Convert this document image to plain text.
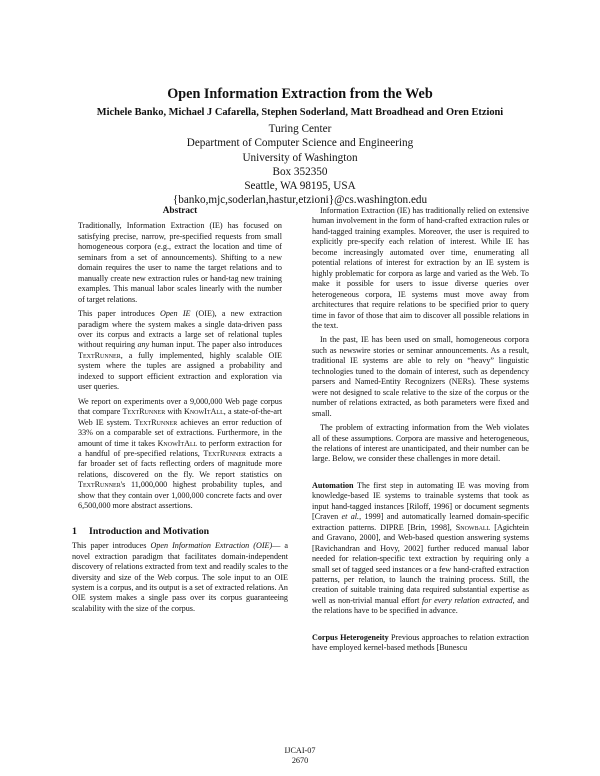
Open Information Extraction from the Web
Michele Banko, Michael J Cafarella, Stephen Soderland, Matt Broadhead and Oren Etzioni
Turing Center
Department of Computer Science and Engineering
University of Washington
Box 352350
Seattle, WA 98195, USA
{banko,mjc,soderlan,hastur,etzioni}@cs.washington.edu
Abstract

Traditionally, Information Extraction (IE) has focused on satisfying precise, narrow, pre-specified requests from small homogeneous corpora (e.g., extract the location and time of seminars from a set of announcements). Shifting to a new domain requires the user to name the target relations and to manually create new extraction rules or hand-tag new training examples. This manual labor scales linearly with the number of target relations.

This paper introduces Open IE (OIE), a new extraction paradigm where the system makes a single data-driven pass over its corpus and extracts a large set of relational tuples without requiring any human input. The paper also introduces TextRunner, a fully implemented, highly scalable OIE system where the tuples are assigned a probability and indexed to support efficient extraction and exploration via user queries.

We report on experiments over a 9,000,000 Web page corpus that compare TextRunner with KnowItAll, a state-of-the-art Web IE system. TextRunner achieves an error reduction of 33% on a comparable set of extractions. Furthermore, in the amount of time it takes KnowItAll to perform extraction for a handful of pre-specified relations, TextRunner extracts a far broader set of facts reflecting orders of magnitude more relations, discovered on the fly. We report statistics on TextRunner's 11,000,000 highest probability tuples, and show that they contain over 1,000,000 concrete facts and over 6,500,000 more abstract assertions.

1 Introduction and Motivation

This paper introduces Open Information Extraction (OIE)— a novel extraction paradigm that facilitates domain-independent discovery of relations extracted from text and readily scales to the diversity and size of the Web corpus. The sole input to an OIE system is a corpus, and its output is a set of extracted relations. An OIE system makes a single pass over its corpus guaranteeing scalability with the size of the corpus.

Information Extraction (IE) has traditionally relied on extensive human involvement in the form of hand-crafted extraction rules or hand-tagged training examples. Moreover, the user is required to explicitly pre-specify each relation of interest. While IE has become increasingly automated over time, enumerating all potential relations of interest for extraction by an IE system is highly problematic for corpora as large and varied as the Web. To make it possible for users to issue diverse queries over heterogeneous corpora, IE systems must move away from architectures that require relations to be specified prior to query time in favor of those that aim to discover all possible relations in the text.

In the past, IE has been used on small, homogeneous corpora such as newswire stories or seminar announcements. As a result, traditional IE systems are able to rely on “heavy” linguistic technologies tuned to the domain of interest, such as dependency parsers and Named-Entity Recognizers (NERs). These systems were not designed to scale relative to the size of the corpus or the number of relations extracted, as both parameters were fixed and small.

The problem of extracting information from the Web violates all of these assumptions. Corpora are massive and heterogeneous, the relations of interest are unanticipated, and their number can be large. Below, we consider these challenges in more detail.

Automation The first step in automating IE was moving from knowledge-based IE systems to trainable systems that took as input hand-tagged instances [Riloff, 1996] or document segments [Craven et al., 1999] and automatically learned domain-specific extraction patterns. DIPRE [Brin, 1998], Snowball [Agichtein and Gravano, 2000], and Web-based question answering systems [Ravichandran and Hovy, 2002] further reduced manual labor needed for relation-specific text extraction by requiring only a small set of tagged seed instances or a few hand-crafted extraction patterns, per relation, to launch the training process. Still, the creation of suitable training data required substantial expertise as well as non-trivial manual effort for every relation extracted, and the relations have to be specified in advance.

Corpus Heterogeneity Previous approaches to relation extraction have employed kernel-based methods [Bunescu

IJCAI-07
2670
